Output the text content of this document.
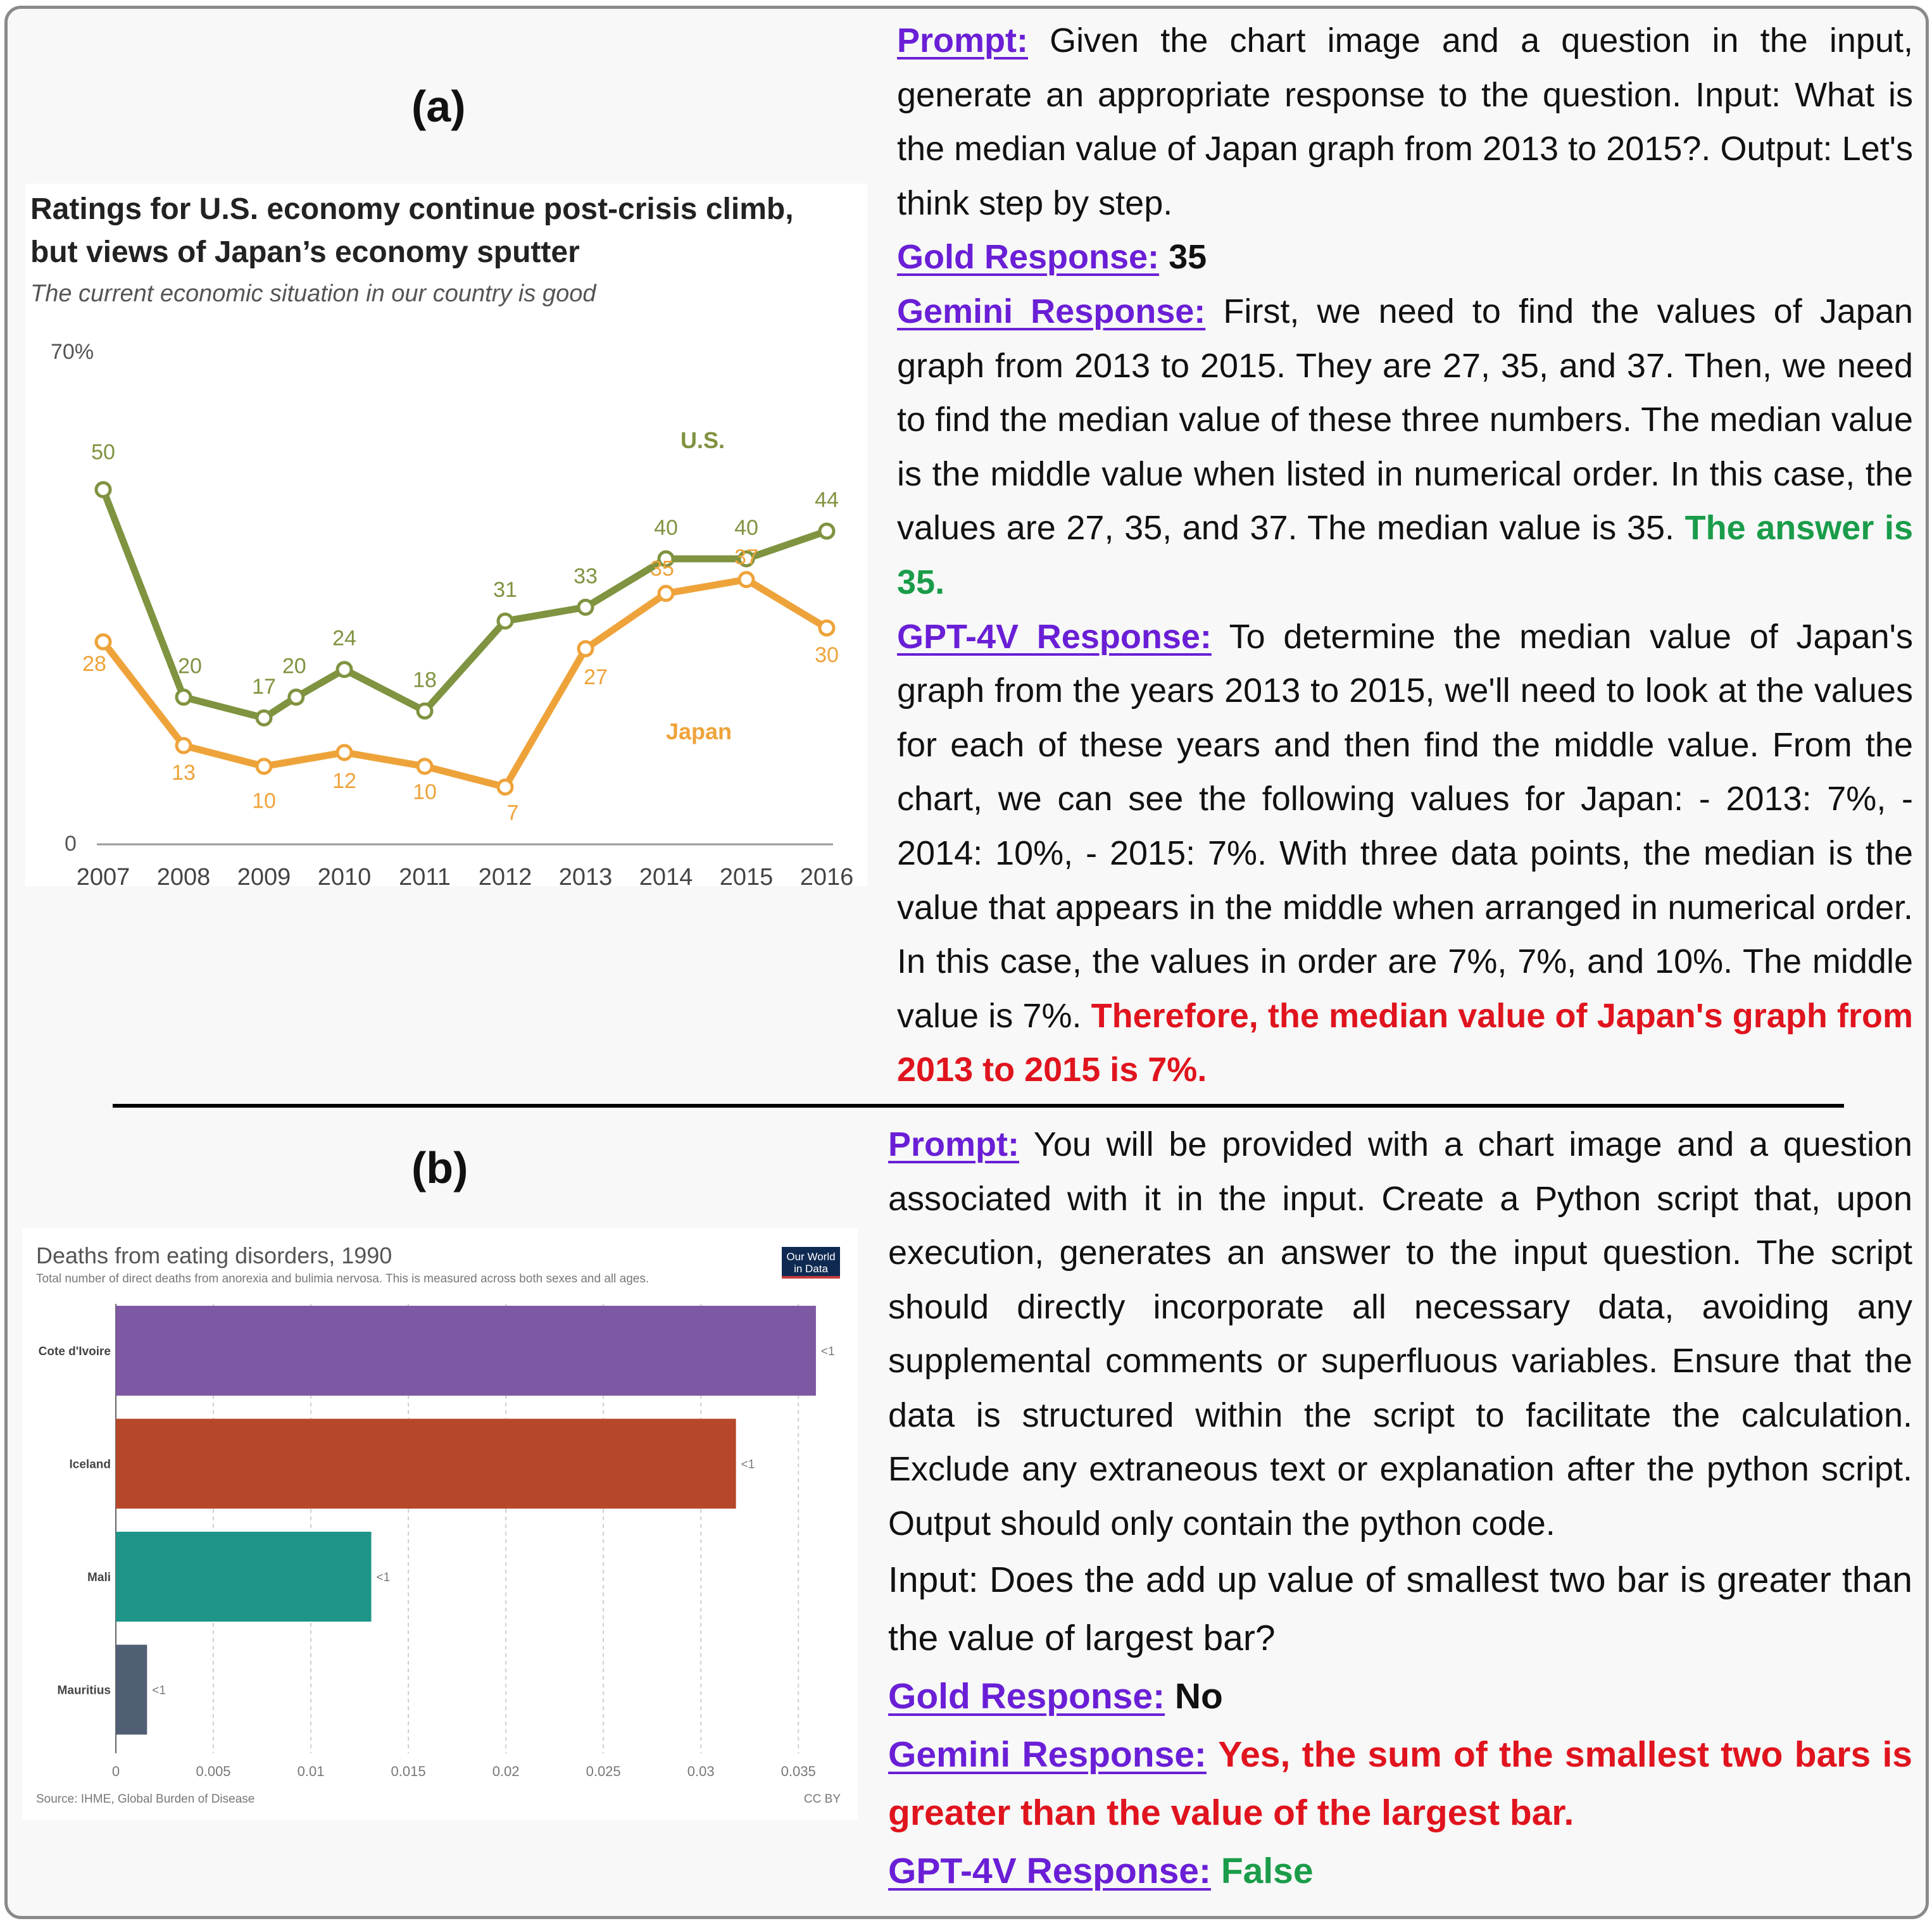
(a)
Ratings for U.S. economy continue post-crisis climb,
but views of Japan’s economy sputter
The current economic situation in our country is good
70%
0
2007 2008 2009 2010 2011 2012 2013 2014 2015 2016
50
20
17
20
24
18
31
33
40	40
44
28
13
10
12	10
7
27
35	37
30
U.S.
Japan

Prompt: Given the chart image and a question in the input, generate an appropriate response to the question. Input: What is the median value of Japan graph from 2013 to 2015?. Output: Let's think step by step.

Gold Response: 35

Gemini Response: First, we need to find the values of Japan graph from 2013 to 2015. They are 27, 35, and 37. Then, we need to find the median value of these three numbers. The median value is the middle value when listed in numerical order. In this case, the values are 27, 35, and 37. The median value is 35. The answer is 35.

GPT-4V Response: To determine the median value of Japan's graph from the years 2013 to 2015, we'll need to look at the values for each of these years and then find the middle value. From the chart, we can see the following values for Japan: - 2013: 7%, - 2014: 10%, - 2015: 7%. With three data points, the median is the value that appears in the middle when arranged in numerical order. In this case, the values in order are 7%, 7%, and 10%. The middle value is 7%. Therefore, the median value of Japan's graph from 2013 to 2015 is 7%.

(b)
Deaths from eating disorders, 1990
Total number of direct deaths from anorexia and bulimia nervosa. This is measured across both sexes and all ages.
Our World
in Data
0	0.005	0.01	0.015	0.02	0.025	0.03	0.035
Cote d'Ivoire	<1
Iceland	<1
Mali	<1
Mauritius	<1
Source: IHME, Global Burden of Disease	CC BY

Prompt: You will be provided with a chart image and a question associated with it in the input. Create a Python script that, upon execution, generates an answer to the input question. The script should directly incorporate all necessary data, avoiding any supplemental comments or superfluous variables. Ensure that the data is structured within the script to facilitate the calculation. Exclude any extraneous text or explanation after the python script. Output should only contain the python code.

Input: Does the add up value of smallest two bar is greater than the value of largest bar?

Gold Response: No

Gemini Response: Yes, the sum of the smallest two bars is greater than the value of the largest bar.

GPT-4V Response: False
